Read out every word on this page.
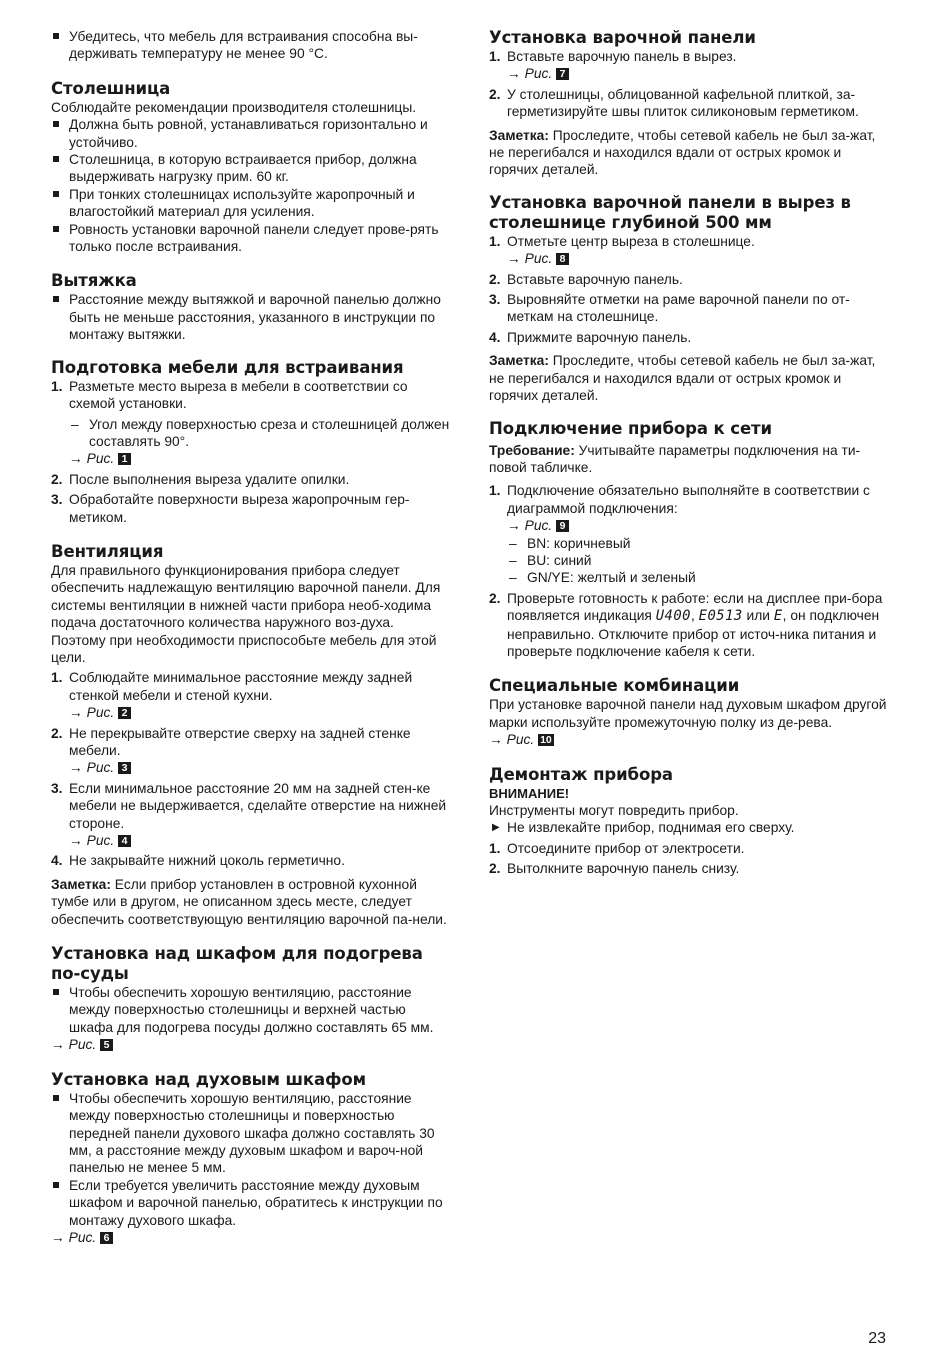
Убедитесь, что мебель для встраивания способна вы-держивать температуру не менее 90 °C.
Столешница
Соблюдайте рекомендации производителя столешницы.
Должна быть ровной, устанавливаться горизонтально и устойчиво.
Столешница, в которую встраивается прибор, должна выдерживать нагрузку прим. 60 кг.
При тонких столешницах используйте жаропрочный и влагостойкий материал для усиления.
Ровность установки варочной панели следует прове-рять только после встраивания.
Вытяжка
Расстояние между вытяжкой и варочной панелью должно быть не меньше расстояния, указанного в инструкции по монтажу вытяжки.
Подготовка мебели для встраивания
1. Разметьте место выреза в мебели в соответствии со схемой установки.
– Угол между поверхностью среза и столешницей должен составлять 90°.
→ Рис. 1
2. После выполнения выреза удалите опилки.
3. Обработайте поверхности выреза жаропрочным гер-метиком.
Вентиляция
Для правильного функционирования прибора следует обеспечить надлежащую вентиляцию варочной панели. Для системы вентиляции в нижней части прибора необ-ходима подача достаточного количества наружного воз-духа. Поэтому при необходимости приспособьте мебель для этой цели.
1. Соблюдайте минимальное расстояние между задней стенкой мебели и стеной кухни.
→ Рис. 2
2. Не перекрывайте отверстие сверху на задней стенке мебели.
→ Рис. 3
3. Если минимальное расстояние 20 мм на задней стен-ке мебели не выдерживается, сделайте отверстие на нижней стороне.
→ Рис. 4
4. Не закрывайте нижний цоколь герметично.
Заметка: Если прибор установлен в островной кухонной тумбе или в другом, не описанном здесь месте, следует обеспечить соответствующую вентиляцию варочной па-нели.
Установка над шкафом для подогрева по-суды
Чтобы обеспечить хорошую вентиляцию, расстояние между поверхностью столешницы и верхней частью шкафа для подогрева посуды должно составлять 65 мм.
→ Рис. 5
Установка над духовым шкафом
Чтобы обеспечить хорошую вентиляцию, расстояние между поверхностью столешницы и поверхностью передней панели духового шкафа должно составлять 30 мм, а расстояние между духовым шкафом и вароч-ной панелью не менее 5 мм.
Если требуется увеличить расстояние между духовым шкафом и варочной панелью, обратитесь к инструкции по монтажу духового шкафа.
→ Рис. 6
Установка варочной панели
1. Вставьте варочную панель в вырез.
→ Рис. 7
2. У столешницы, облицованной кафельной плиткой, за-герметизируйте швы плиток силиконовым герметиком.
Заметка: Проследите, чтобы сетевой кабель не был за-жат, не перегибался и находился вдали от острых кромок и горячих деталей.
Установка варочной панели в вырез в столешнице глубиной 500 мм
1. Отметьте центр выреза в столешнице.
→ Рис. 8
2. Вставьте варочную панель.
3. Выровняйте отметки на раме варочной панели по от-меткам на столешнице.
4. Прижмите варочную панель.
Заметка: Проследите, чтобы сетевой кабель не был за-жат, не перегибался и находился вдали от острых кромок и горячих деталей.
Подключение прибора к сети
Требование: Учитывайте параметры подключения на ти-повой табличке.
1. Подключение обязательно выполняйте в соответствии с диаграммой подключения:
→ Рис. 9
– BN: коричневый
– BU: синий
– GN/YE: желтый и зеленый
2. Проверьте готовность к работе: если на дисплее при-бора появляется индикация U400, E0513 или E, он подключен неправильно. Отключите прибор от источ-ника питания и проверьте подключение кабеля к сети.
Специальные комбинации
При установке варочной панели над духовым шкафом другой марки используйте промежуточную полку из де-рева.
→ Рис. 10
Демонтаж прибора
ВНИМАНИЕ!
Инструменты могут повредить прибор.
▶ Не извлекайте прибор, поднимая его сверху.
1. Отсоедините прибор от электросети.
2. Вытолкните варочную панель снизу.
23
